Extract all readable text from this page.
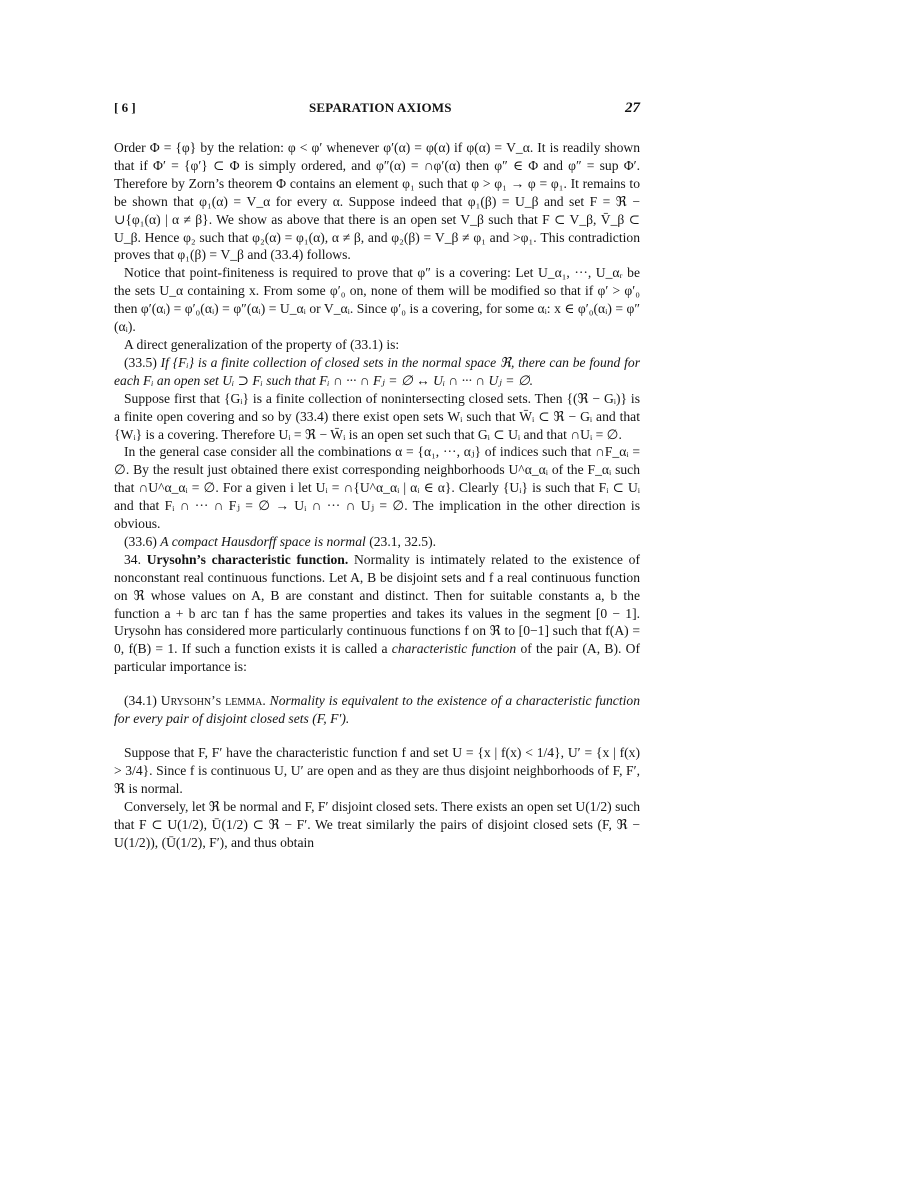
[ 6 ]	SEPARATION AXIOMS	27

Order Φ = {φ} by the relation: φ < φ′ whenever φ′(α) = φ(α) if φ(α) = V_α. It is readily shown that if Φ′ = {φ′} ⊂ Φ is simply ordered, and φ″(α) = ∩φ′(α) then φ″ ∈ Φ and φ″ = sup Φ′. Therefore by Zorn’s theorem Φ contains an element φ₁ such that φ > φ₁ → φ = φ₁. It remains to be shown that φ₁(α) = V_α for every α. Suppose indeed that φ₁(β) = U_β and set F = ℜ − ∪{φ₁(α) | α ≠ β}. We show as above that there is an open set V_β such that F ⊂ V_β, V̄_β ⊂ U_β. Hence φ₂ such that φ₂(α) = φ₁(α), α ≠ β, and φ₂(β) = V_β ≠ φ₁ and >φ₁. This contradiction proves that φ₁(β) = V_β and (33.4) follows.

Notice that point-finiteness is required to prove that φ″ is a covering: Let U_α₁, ···, U_αᵣ be the sets U_α containing x. From some φ′₀ on, none of them will be modified so that if φ′ > φ′₀ then φ′(αᵢ) = φ′₀(αᵢ) = φ″(αᵢ) = U_αᵢ or V_αᵢ. Since φ′₀ is a covering, for some αᵢ: x ∈ φ′₀(αᵢ) = φ″(αᵢ).

A direct generalization of the property of (33.1) is:

(33.5) If {Fᵢ} is a finite collection of closed sets in the normal space ℜ, there can be found for each Fᵢ an open set Uᵢ ⊃ Fᵢ such that Fᵢ ∩ ··· ∩ Fⱼ = ∅ ↔ Uᵢ ∩ ··· ∩ Uⱼ = ∅.

Suppose first that {Gᵢ} is a finite collection of nonintersecting closed sets. Then {(ℜ − Gᵢ)} is a finite open covering and so by (33.4) there exist open sets Wᵢ such that W̄ᵢ ⊂ ℜ − Gᵢ and that {Wᵢ} is a covering. Therefore Uᵢ = ℜ − W̄ᵢ is an open set such that Gᵢ ⊂ Uᵢ and that ∩Uᵢ = ∅.

In the general case consider all the combinations α = {α₁, ···, αⱼ} of indices such that ∩F_αᵢ = ∅. By the result just obtained there exist corresponding neighborhoods U^α_αᵢ of the F_αᵢ such that ∩U^α_αᵢ = ∅. For a given i let Uᵢ = ∩{U^α_αᵢ | αᵢ ∈ α}. Clearly {Uᵢ} is such that Fᵢ ⊂ Uᵢ and that Fᵢ ∩ ··· ∩ Fⱼ = ∅ → Uᵢ ∩ ··· ∩ Uⱼ = ∅. The implication in the other direction is obvious.

(33.6) A compact Hausdorff space is normal (23.1, 32.5).

34. Urysohn’s characteristic function. Normality is intimately related to the existence of nonconstant real continuous functions. Let A, B be disjoint sets and f a real continuous function on ℜ whose values on A, B are constant and distinct. Then for suitable constants a, b the function a + b arc tan f has the same properties and takes its values in the segment [0 − 1]. Urysohn has considered more particularly continuous functions f on ℜ to [0−1] such that f(A) = 0, f(B) = 1. If such a function exists it is called a characteristic function of the pair (A, B). Of particular importance is:

(34.1) Urysohn’s lemma. Normality is equivalent to the existence of a characteristic function for every pair of disjoint closed sets (F, F′).

Suppose that F, F′ have the characteristic function f and set U = {x | f(x) < 1/4}, U′ = {x | f(x) > 3/4}. Since f is continuous U, U′ are open and as they are thus disjoint neighborhoods of F, F′, ℜ is normal.

Conversely, let ℜ be normal and F, F′ disjoint closed sets. There exists an open set U(1/2) such that F ⊂ U(1/2), Ū(1/2) ⊂ ℜ − F′. We treat similarly the pairs of disjoint closed sets (F, ℜ − U(1/2)), (Ū(1/2), F′), and thus obtain
